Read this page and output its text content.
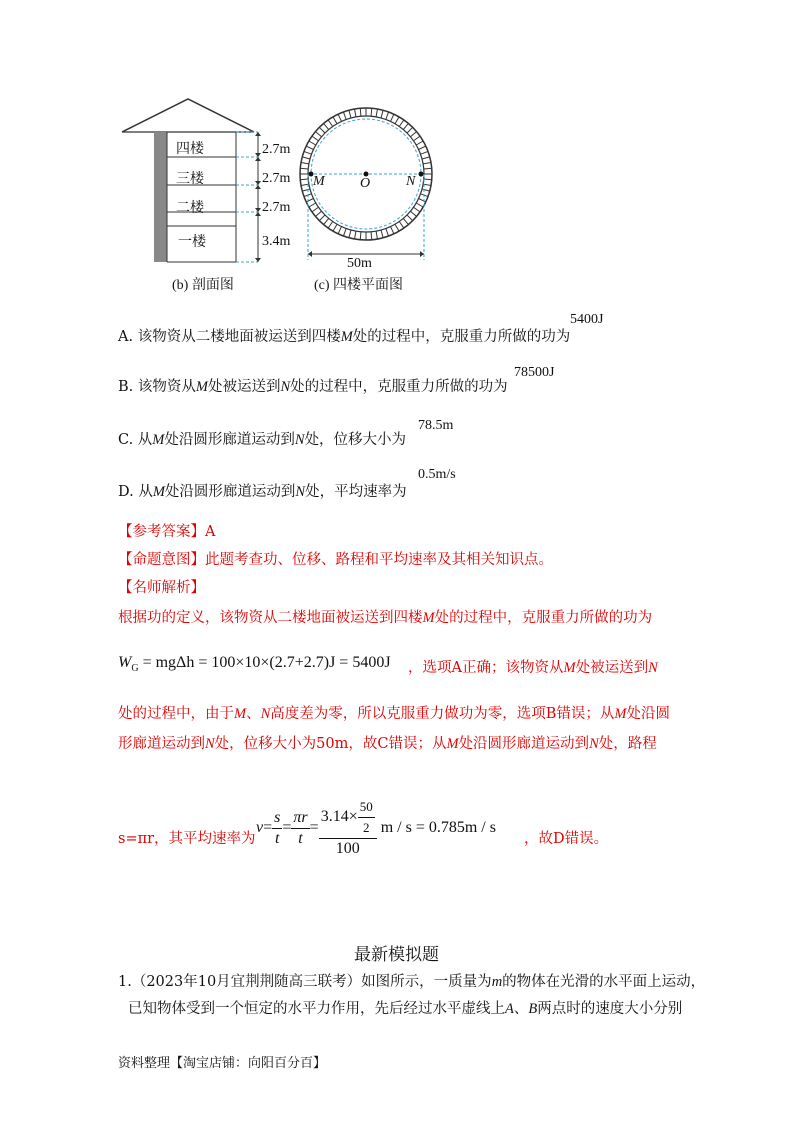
四楼
三楼
二楼
一楼
2.7m
2.7m
2.7m
3.4m
(b) 剖面图
M	O	N
50m
(c) 四楼平面图
A. 该物资从二楼地面被运送到四楼M处的过程中，克服重力所做的功为
5400J
B. 该物资从M处被运送到N处的过程中，克服重力所做的功为
78500J
C. 从M处沿圆形廊道运动到N处，位移大小为
78.5m
D. 从M处沿圆形廊道运动到N处，平均速率为
0.5m/s
【参考答案】A
【命题意图】此题考查功、位移、路程和平均速率及其相关知识点。
【名师解析】
根据功的定义，该物资从二楼地面被运送到四楼M处的过程中，克服重力所做的功为
$W_G = mg\Delta h = 100\times 10\times(2.7+2.7)J = 5400J$ ，选项A正确；该物资从M处被运送到N
处的过程中，由于M、N高度差为零，所以克服重力做功为零，选项B错误；从M处沿圆
形廊道运动到N处，位移大小为50m，故C错误；从M处沿圆形廊道运动到N处，路程
s=πr，其平均速率为
$v = \frac{s}{t} = \frac{\pi r}{t} = \frac{3.14\times \frac{50}{2}}{100}$
m / s = 0.785m / s
，故D错误。
最新模拟题
1.（2023年10月宜荆荆随高三联考）如图所示，一质量为m的物体在光滑的水平面上运动，
已知物体受到一个恒定的水平力作用，先后经过水平虚线上A、B两点时的速度大小分别
资料整理【淘宝店铺：向阳百分百】
